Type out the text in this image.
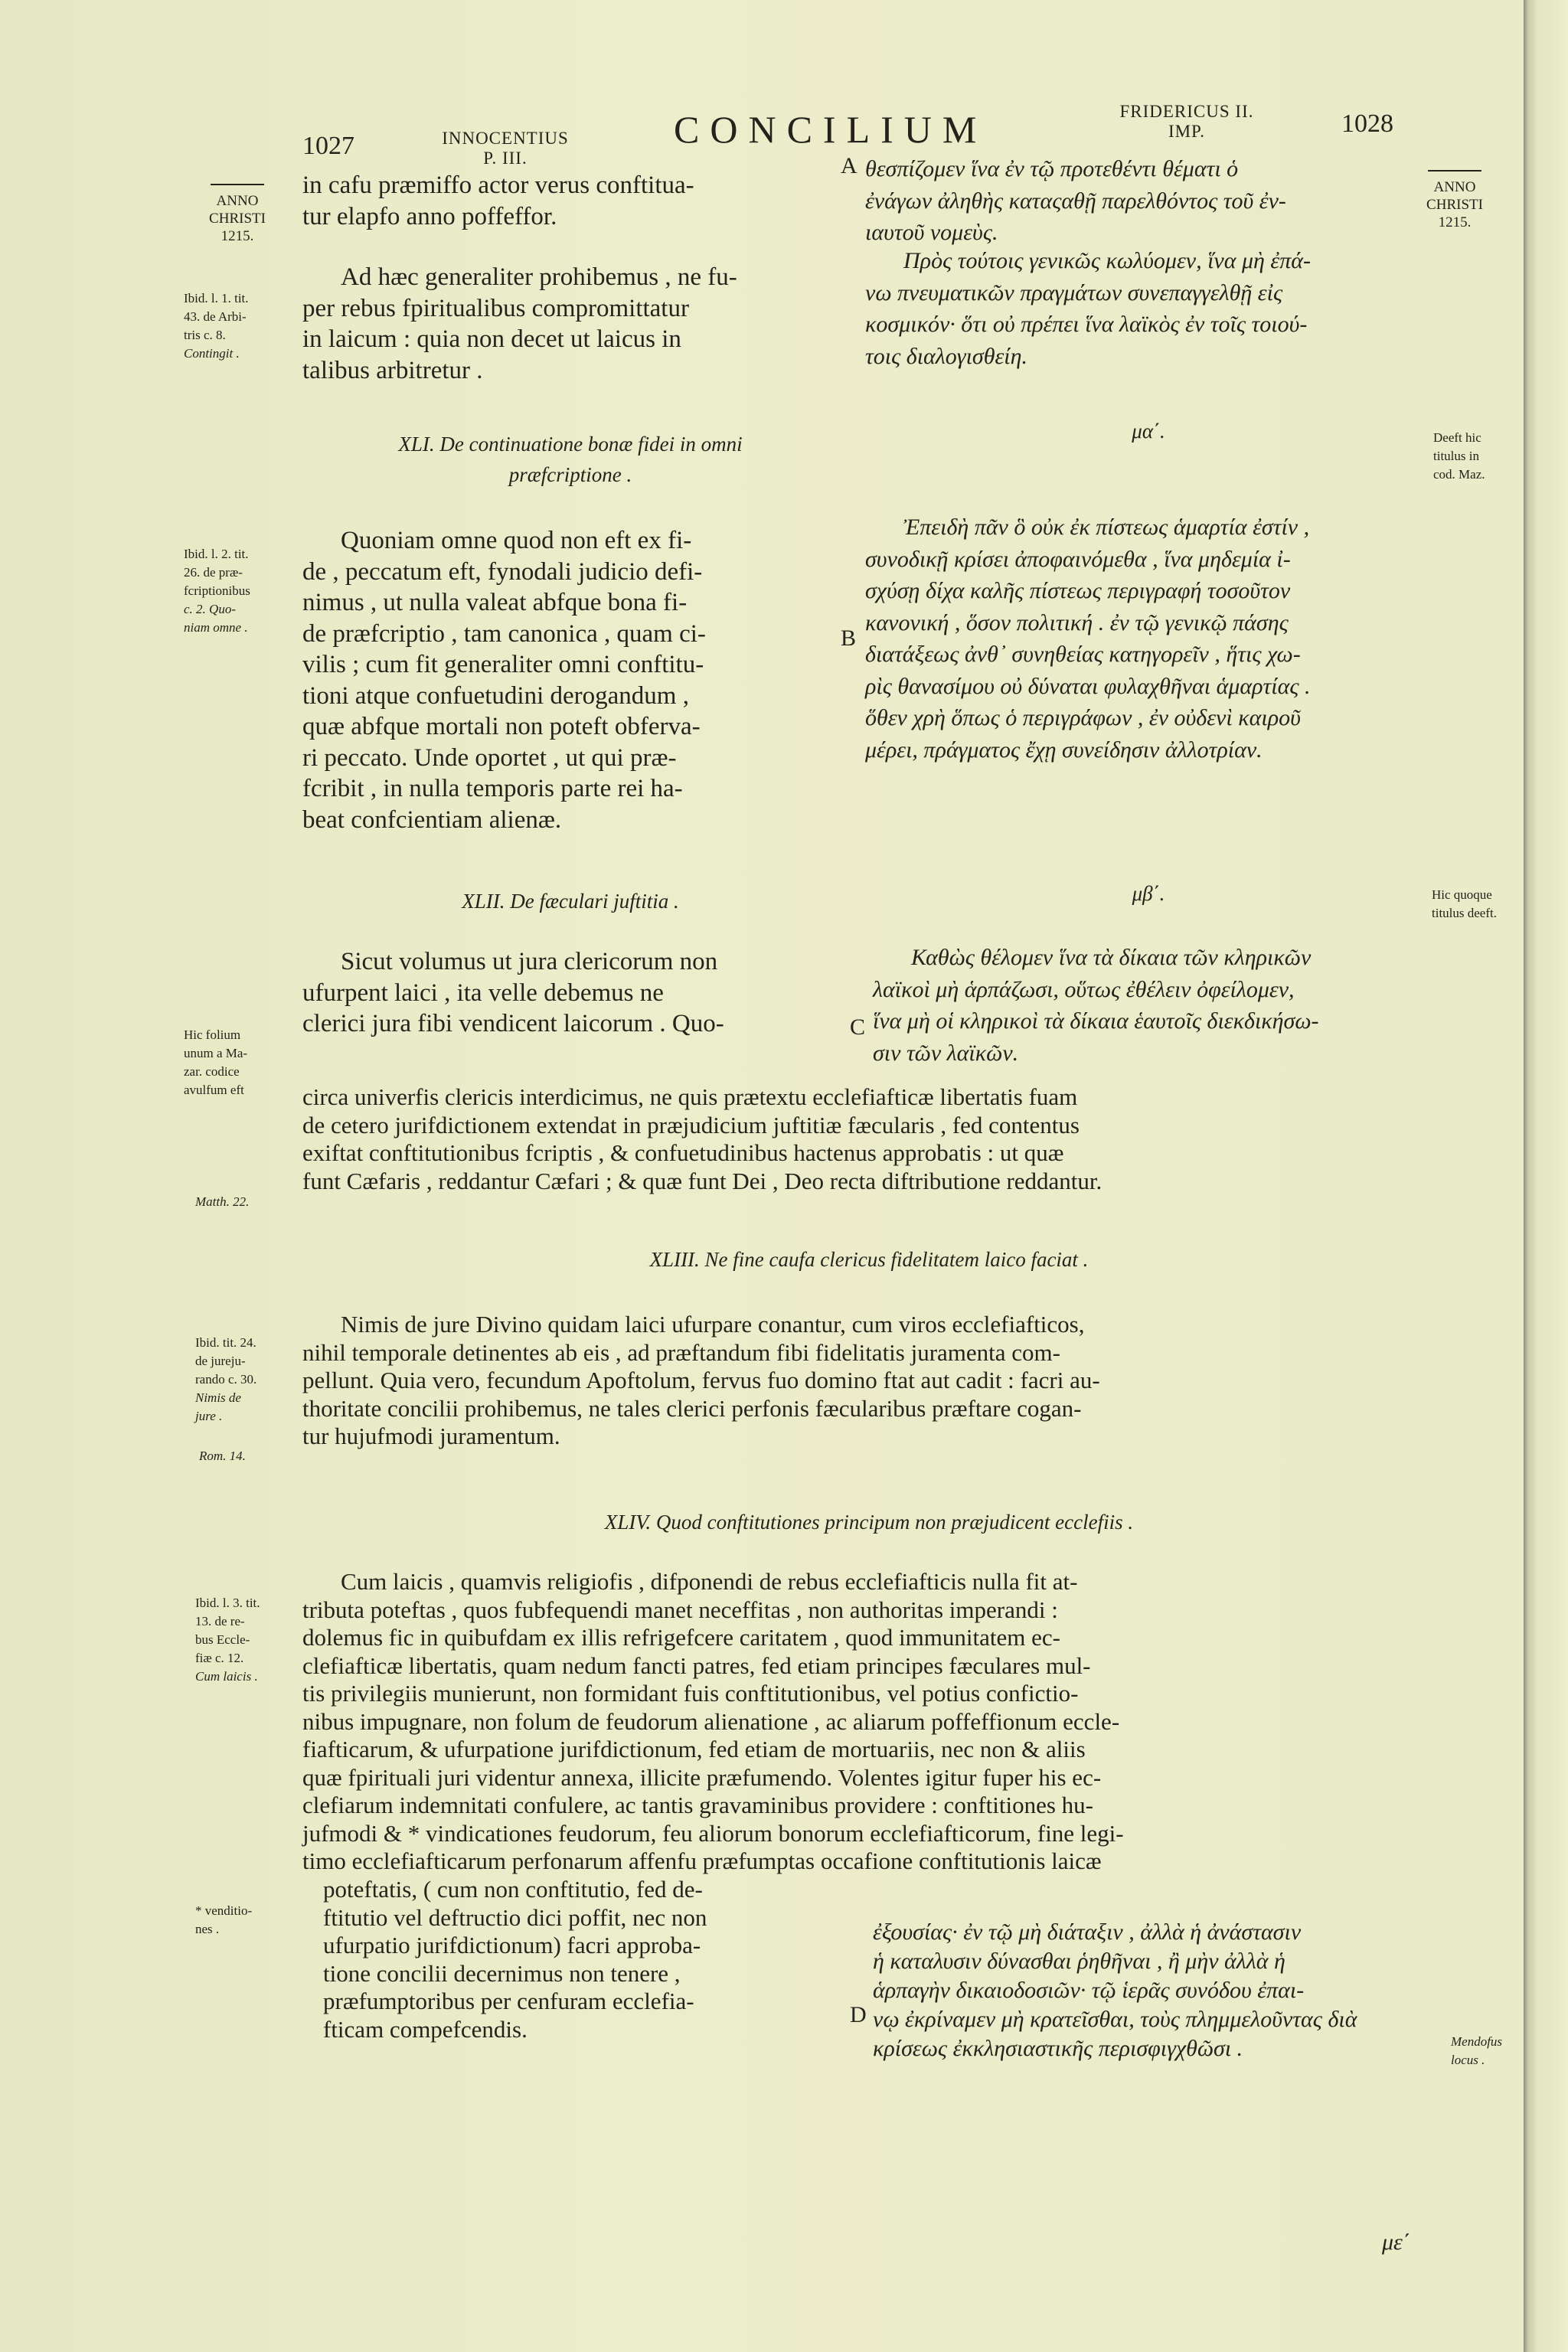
1027	INNOCENTIUS
P. III.
CONCILIUM	FRIDERICUS II.
IMP.	1028
ANNO
CHRISTI
1215.
ANNO
CHRISTI
1215.
Ibid. l. 1. tit.
43. de Arbi-
tris c. 8.
Contingit .
Ibid. l. 2. tit.
26. de præ-
fcriptionibus
c. 2. Quo-
niam omne .
Hic folium
unum a Ma-
zar. codice
avulfum eft
Matth. 22.
Ibid. tit. 24.
de jureju-
rando c. 30.
Nimis de
jure .
Rom. 14.
Ibid. l. 3. tit.
13. de re-
bus Eccle-
fiæ c. 12.
Cum laicis .
* venditio-
nes .
Deeft hic
titulus in
cod. Maz.
Hic quoque
titulus deeft.
Mendofus
locus .
A
B
C
D

in cafu præmiffo actor verus conftitua-

tur elapfo anno poffeffor.

Ad hæc generaliter prohibemus , ne fu-

per rebus fpiritualibus compromittatur

in laicum : quia non decet ut laicus in

talibus arbitretur .

XLI. De continuatione bonæ fidei in omni
præfcriptione .

Quoniam omne quod non eft ex fi-

de , peccatum eft, fynodali judicio defi-

nimus , ut nulla valeat abfque bona fi-

de præfcriptio , tam canonica , quam ci-

vilis ; cum fit generaliter omni conftitu-

tioni atque confuetudini derogandum ,

quæ abfque mortali non poteft obferva-

ri peccato. Unde oportet , ut qui præ-

fcribit , in nulla temporis parte rei ha-

beat confcientiam alienæ.

XLII. De fæculari juftitia .

Sicut volumus ut jura clericorum non

ufurpent laici , ita velle debemus ne

clerici jura fibi vendicent laicorum . Quo-

circa univerfis clericis interdicimus, ne quis prætextu ecclefiafticæ libertatis fuam

de cetero jurifdictionem extendat in præjudicium juftitiæ fæcularis , fed contentus

exiftat conftitutionibus fcriptis , & confuetudinibus hactenus approbatis : ut quæ

funt Cæfaris , reddantur Cæfari ; & quæ funt Dei , Deo recta diftributione reddantur.

XLIII. Ne fine caufa clericus fidelitatem laico faciat .

Nimis de jure Divino quidam laici ufurpare conantur, cum viros ecclefiafticos,

nihil temporale detinentes ab eis , ad præftandum fibi fidelitatis juramenta com-

pellunt. Quia vero, fecundum Apoftolum, fervus fuo domino ftat aut cadit : facri au-

thoritate concilii prohibemus, ne tales clerici perfonis fæcularibus præftare cogan-

tur hujufmodi juramentum.

XLIV. Quod conftitutiones principum non præjudicent ecclefiis .

Cum laicis , quamvis religiofis , difponendi de rebus ecclefiafticis nulla fit at-

tributa poteftas , quos fubfequendi manet neceffitas , non authoritas imperandi :

dolemus fic in quibufdam ex illis refrigefcere caritatem , quod immunitatem ec-

clefiafticæ libertatis, quam nedum fancti patres, fed etiam principes fæculares mul-

tis privilegiis munierunt, non formidant fuis conftitutionibus, vel potius confictio-

nibus impugnare, non folum de feudorum alienatione , ac aliarum poffeffionum eccle-

fiafticarum, & ufurpatione jurifdictionum, fed etiam de mortuariis, nec non & aliis

quæ fpirituali juri videntur annexa, illicite præfumendo. Volentes igitur fuper his ec-

clefiarum indemnitati confulere, ac tantis gravaminibus providere : conftitiones hu-

jufmodi & * vindicationes feudorum, feu aliorum bonorum ecclefiafticorum, fine legi-

timo ecclefiafticarum perfonarum affenfu præfumptas occafione conftitutionis laicæ

poteftatis, ( cum non conftitutio, fed de-

ftitutio vel deftructio dici poffit, nec non

ufurpatio jurifdictionum) facri approba-

tione concilii decernimus non tenere ,

præfumptoribus per cenfuram ecclefia-

fticam compefcendis.

θεσπίζομεν ἵνα ἐν τῷ προτεθέντι θέματι ὁ

ἐνάγων ἀληθὴς καταςαθῇ παρελθόντος τοῦ ἐν-

ιαυτοῦ νομεὺς.

Πρὸς τούτοις γενικῶς κωλύομεν, ἵνα μὴ ἐπά-

νω πνευματικῶν πραγμάτων συνεπαγγελθῇ εἰς

κοσμικόν· ὅτι οὐ πρέπει ἵνα λαϊκὸς ἐν τοῖς τοιού-

τοις διαλογισθείη.

μα΄.

Ἐπειδὴ πᾶν ὃ οὐκ ἐκ πίστεως ἁμαρτία ἐστίν ,

συνοδικῇ κρίσει ἀποφαινόμεθα , ἵνα μηδεμία ἰ-

σχύσῃ δίχα καλῆς πίστεως περιγραφή τοσοῦτον

κανονική , ὅσον πολιτική . ἐν τῷ γενικῷ πάσης

διατάξεως ἀνθ᾽ συνηθείας κατηγορεῖν , ἥτις χω-

ρὶς θανασίμου οὐ δύναται φυλαχθῆναι ἁμαρτίας .

ὅθεν χρὴ ὅπως ὁ περιγράφων , ἐν οὐδενὶ καιροῦ

μέρει, πράγματος ἔχῃ συνείδησιν ἀλλοτρίαν.

μβ΄.

Καθὼς θέλομεν ἵνα τὰ δίκαια τῶν κληρικῶν

λαϊκοὶ μὴ ἁρπάζωσι, οὕτως ἐθέλειν ὀφείλομεν,

ἵνα μὴ οἱ κληρικοὶ τὰ δίκαια ἑαυτοῖς διεκδικήσω-

σιν τῶν λαϊκῶν.

ἐξουσίας· ἐν τῷ μὴ διάταξιν , ἀλλὰ ἡ ἀνάστασιν

ἡ καταλυσιν δύνασθαι ῥηθῆναι , ἢ μὴν ἀλλὰ ἡ

ἁρπαγὴν δικαιοδοσιῶν· τῷ ἱερᾶς συνόδου ἐπαι-

νῳ ἐκρίναμεν μὴ κρατεῖσθαι, τοὺς πλημμελοῦντας διὰ

κρίσεως ἐκκλησιαστικῆς περισφιγχθῶσι .

με΄
